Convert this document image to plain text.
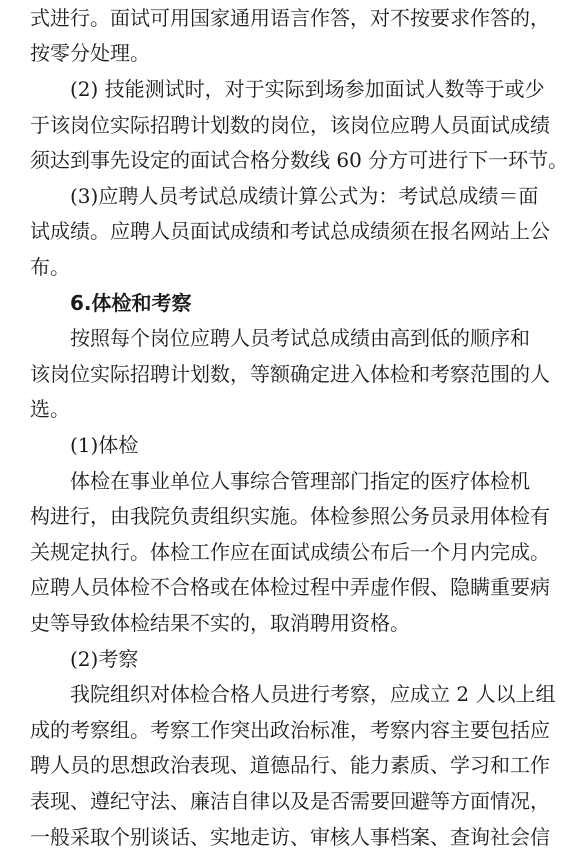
式进行。面试可用国家通用语言作答，对不按要求作答的，
按零分处理。
(2) 技能测试时，对于实际到场参加面试人数等于或少
于该岗位实际招聘计划数的岗位，该岗位应聘人员面试成绩
须达到事先设定的面试合格分数线 60 分方可进行下一环节。
(3)应聘人员考试总成绩计算公式为：考试总成绩＝面
试成绩。应聘人员面试成绩和考试总成绩须在报名网站上公
布。
6.体检和考察
按照每个岗位应聘人员考试总成绩由高到低的顺序和
该岗位实际招聘计划数，等额确定进入体检和考察范围的人
选。
(1)体检
体检在事业单位人事综合管理部门指定的医疗体检机
构进行，由我院负责组织实施。体检参照公务员录用体检有
关规定执行。体检工作应在面试成绩公布后一个月内完成。
应聘人员体检不合格或在体检过程中弄虚作假、隐瞒重要病
史等导致体检结果不实的，取消聘用资格。
(2)考察
我院组织对体检合格人员进行考察，应成立 2 人以上组
成的考察组。考察工作突出政治标准，考察内容主要包括应
聘人员的思想政治表现、道德品行、能力素质、学习和工作
表现、遵纪守法、廉洁自律以及是否需要回避等方面情况，
一般采取个别谈话、实地走访、审核人事档案、查询社会信
